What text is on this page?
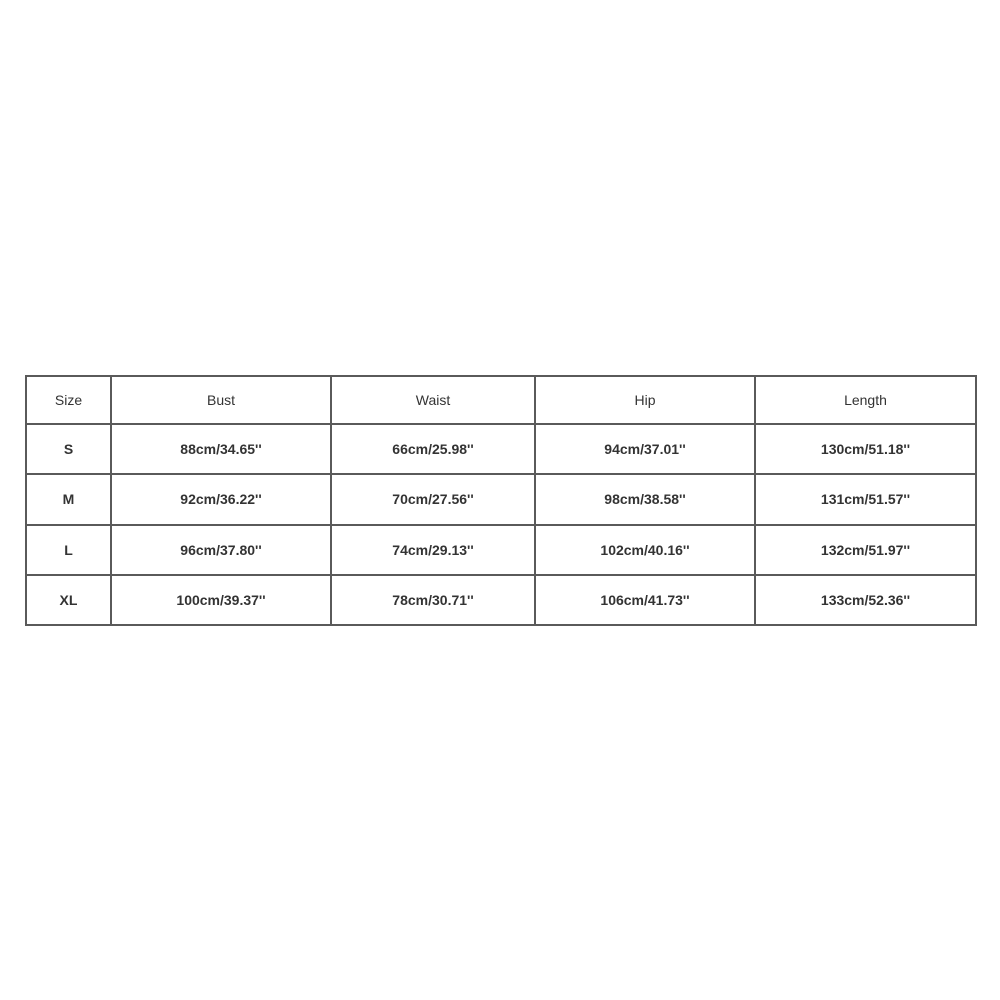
Size	Bust	Waist	Hip	Length
S	88cm/34.65''	66cm/25.98''	94cm/37.01''	130cm/51.18''
M	92cm/36.22''	70cm/27.56''	98cm/38.58''	131cm/51.57''
L	96cm/37.80''	74cm/29.13''	102cm/40.16''	132cm/51.97''
XL	100cm/39.37''	78cm/30.71''	106cm/41.73''	133cm/52.36''
